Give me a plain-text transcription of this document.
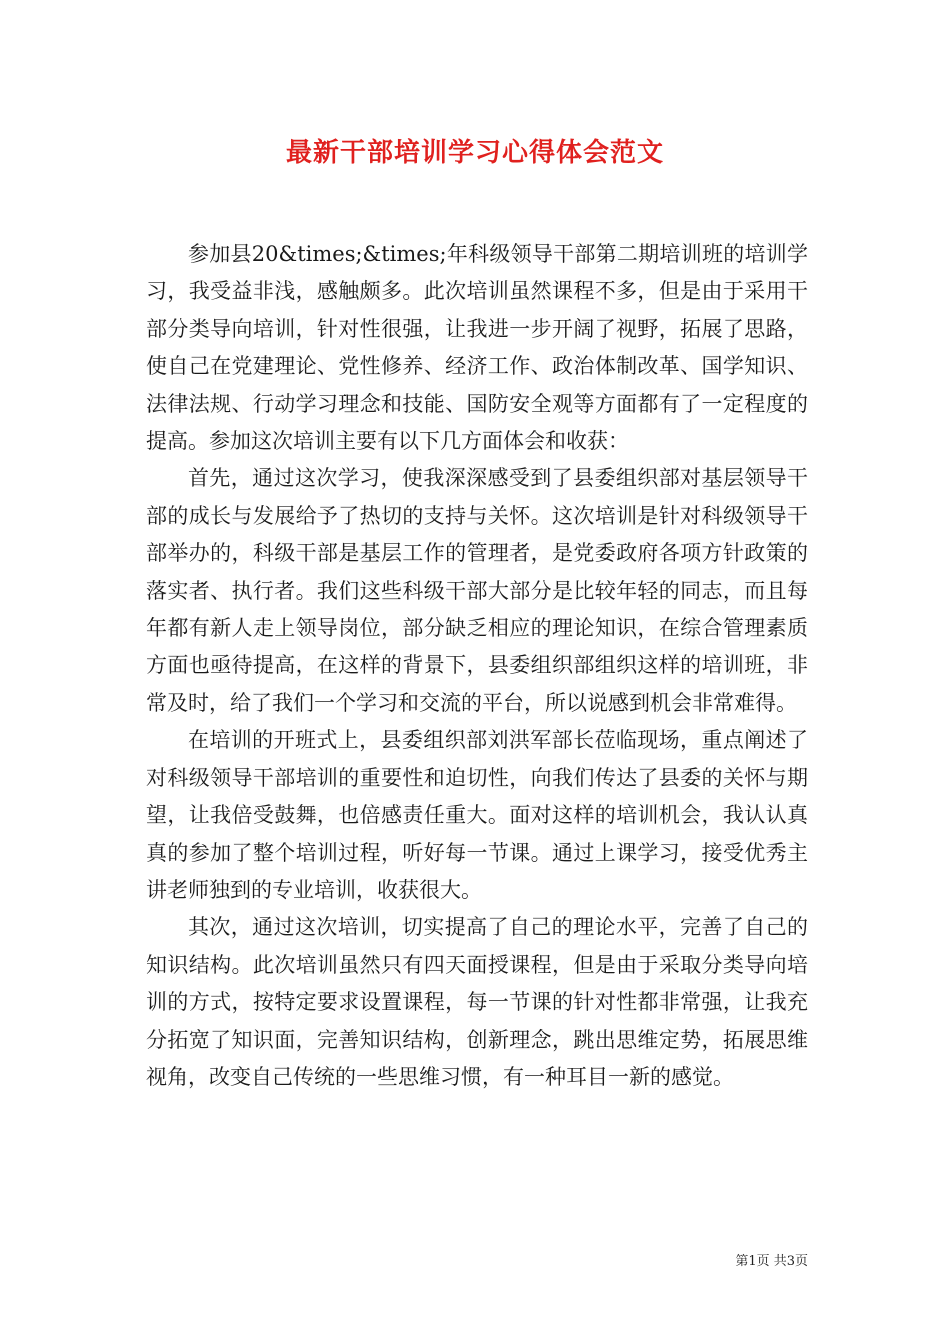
最新干部培训学习心得体会范文

参加县20&times;&times;年科级领导干部第二期培训班的培训学习，我受益非浅，感触颇多。此次培训虽然课程不多，但是由于采用干部分类导向培训，针对性很强，让我进一步开阔了视野，拓展了思路，使自己在党建理论、党性修养、经济工作、政治体制改革、国学知识、法律法规、行动学习理念和技能、国防安全观等方面都有了一定程度的提高。参加这次培训主要有以下几方面体会和收获：

首先，通过这次学习，使我深深感受到了县委组织部对基层领导干部的成长与发展给予了热切的支持与关怀。这次培训是针对科级领导干部举办的，科级干部是基层工作的管理者，是党委政府各项方针政策的落实者、执行者。我们这些科级干部大部分是比较年轻的同志，而且每年都有新人走上领导岗位，部分缺乏相应的理论知识，在综合管理素质方面也亟待提高，在这样的背景下，县委组织部组织这样的培训班，非常及时，给了我们一个学习和交流的平台，所以说感到机会非常难得。

在培训的开班式上，县委组织部刘洪军部长莅临现场，重点阐述了对科级领导干部培训的重要性和迫切性，向我们传达了县委的关怀与期望，让我倍受鼓舞，也倍感责任重大。面对这样的培训机会，我认认真真的参加了整个培训过程，听好每一节课。通过上课学习，接受优秀主讲老师独到的专业培训，收获很大。

其次，通过这次培训，切实提高了自己的理论水平，完善了自己的知识结构。此次培训虽然只有四天面授课程，但是由于采取分类导向培训的方式，按特定要求设置课程，每一节课的针对性都非常强，让我充分拓宽了知识面，完善知识结构，创新理念，跳出思维定势，拓展思维视角，改变自己传统的一些思维习惯，有一种耳目一新的感觉。

第1页 共3页
